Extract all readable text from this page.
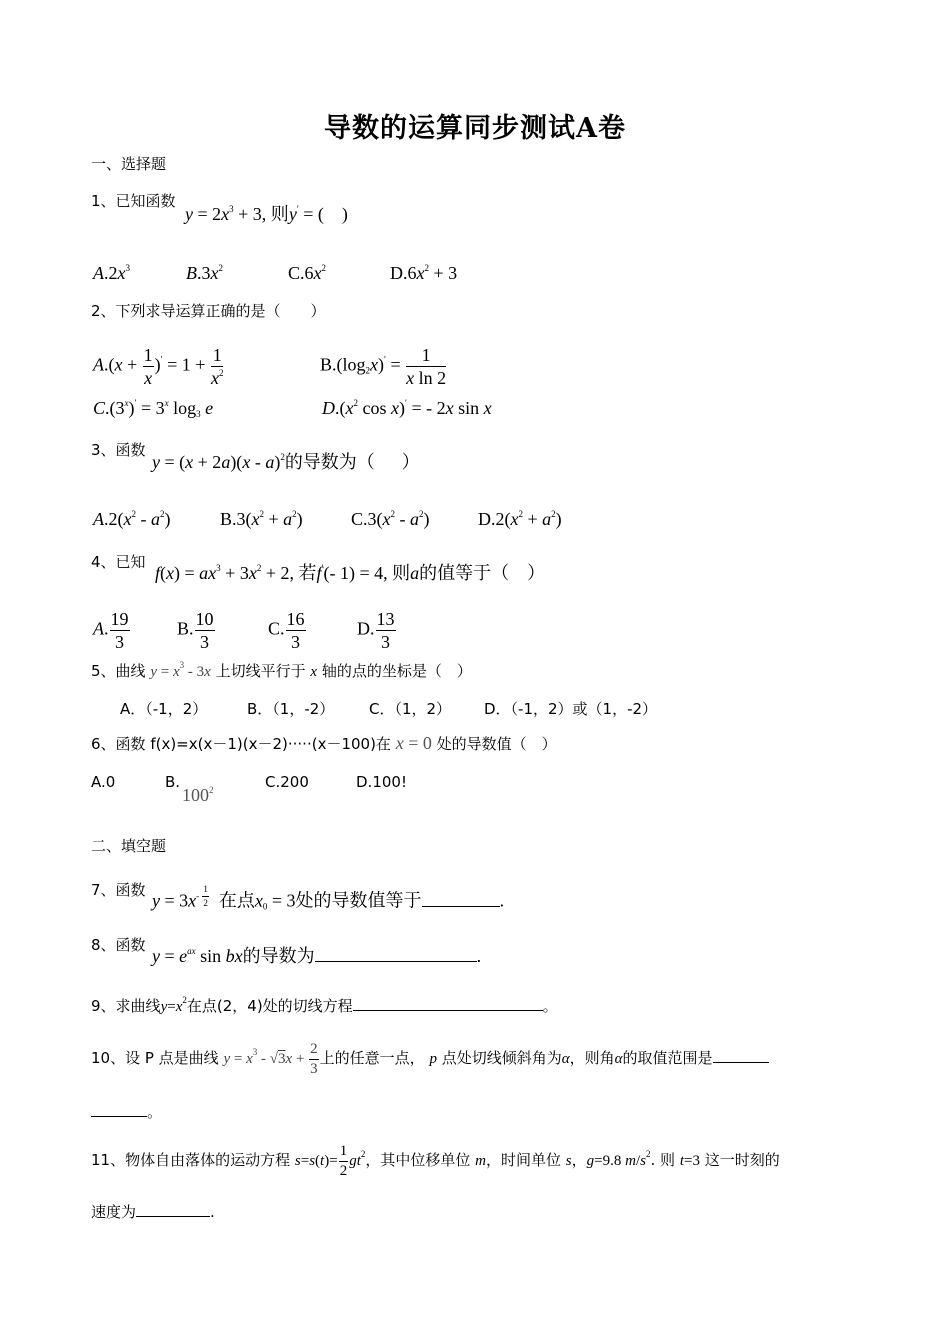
导数的运算同步测试A卷
一、选择题
1、已知函数
$y = 2x^3 + 3$, 则y′ = (    )
$A.2x^3$	$B.3x^2$	$C.6x^2$	$D.6x^2 + 3$
2、下列求导运算正确的是（　　）
$A.(x + \frac{1}{x} )' = 1 + \frac{1}{x^2}$	$B.(\log_2x)' = \frac{1}{\text{x ln 2}}$
$C.(3^x)' = 3^x$ $\log_3 e$	$D.(x^2$ cos x)′ = - 2x sin x
3、函数
y = (x + 2a)(x - a)$^2$的导数为（      ）
$A.2(x^2 - a^2)$	$B.3(x^2 + a^2)$	$C.3(x^2 - a^2)$	$D.2(x^2 + a^2)$
4、已知
$f(x) = ax^3 + 3x^2 + 2$, 若f′(- 1) = 4, 则a的值等于（    ）
A. $\frac{19}{3}$	B. $\frac{10}{3}$	C. $\frac{16}{3}$	D. $\frac{13}{3}$
5、曲线 $y = x^3 - 3x$ 上切线平行于 x 轴的点的坐标是（　）
A．（-1，2）	B．（1，-2） C．（1，2） D．（-1，2）或（1，-2）
6、函数 f(x)=x(x－1)(x－2)·····(x－100)在 x = 0 处的导数值（　）
A.0	B.
$100^2$	C.200	D.100!
二、填空题
7、函数
$y = 3x^{- \frac{1}{2}}$ 在点$x_0 = 3$处的导数值等于	.
8、函数
$y = e^{ax}$ sin bx的导数为	.
9、求曲线$y=x^2$在点(2，4)处的切线方程	。
10、设 P 点是曲线 $y = x^3 - √3x + \frac{2}{3}$ 上的任意一点， p 点处切线倾斜角为α，则角α的取值范围是
。
11、物体自由落体的运动方程 $s=s(t)= \frac{1}{2} gt^2$，其中位移单位 m，时间单位 s，g=9.8 $m/s^2$. 则 t=3 这一时刻的
速度为	.
